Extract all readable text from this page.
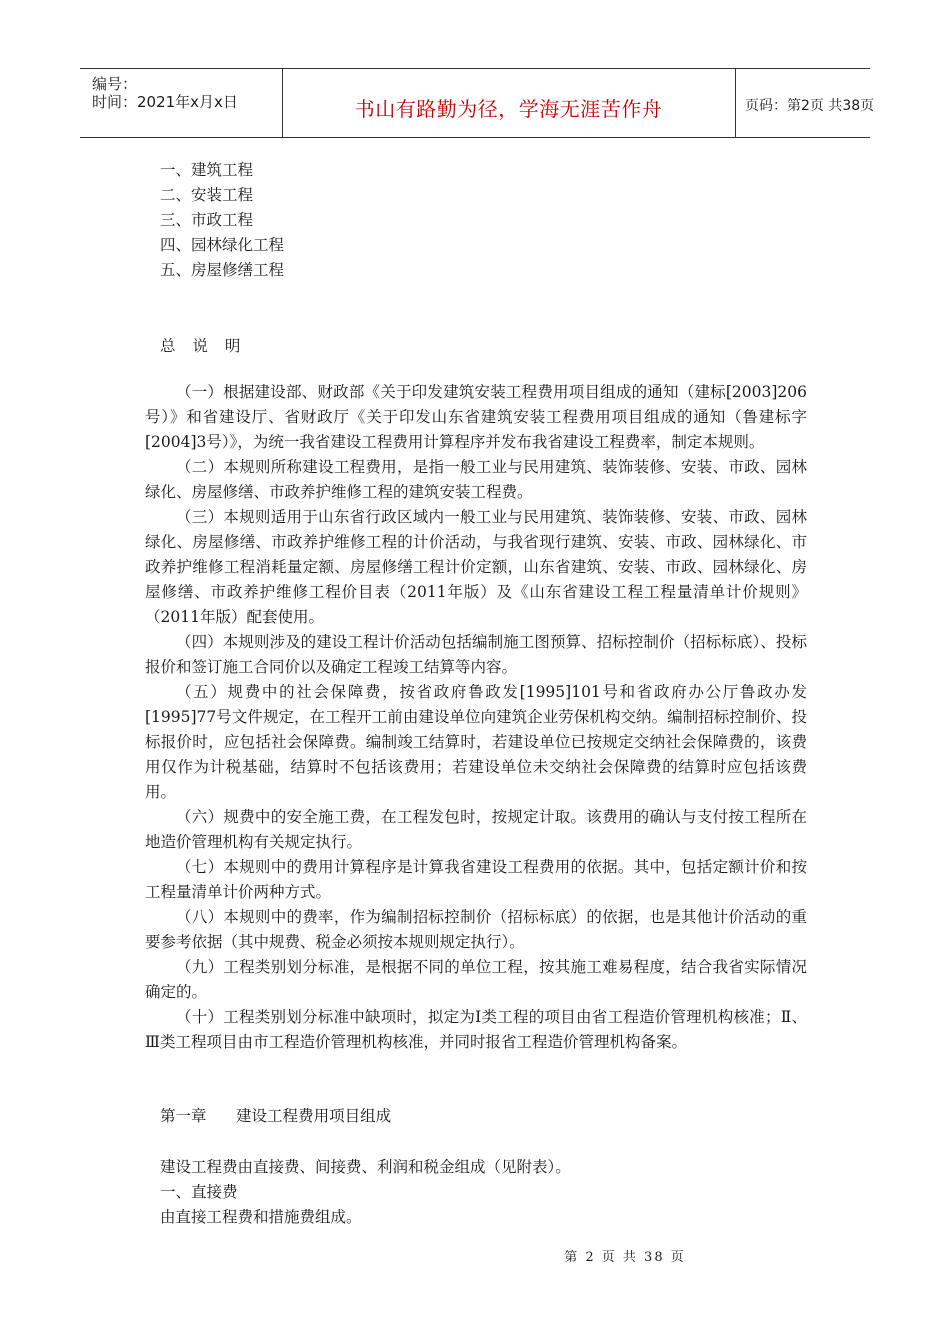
编号：
时间：2021年x月x日	书山有路勤为径，学海无涯苦作舟	页码：第2页 共38页
一、建筑工程
二、安装工程
三、市政工程
四、园林绿化工程
五、房屋修缮工程
总 说 明

（一）根据建设部、财政部《关于印发建筑安装工程费用项目组成的通知（建标[2003]206号）》和省建设厅、省财政厅《关于印发山东省建筑安装工程费用项目组成的通知（鲁建标字[2004]3号）》，为统一我省建设工程费用计算程序并发布我省建设工程费率，制定本规则。

（二）本规则所称建设工程费用，是指一般工业与民用建筑、装饰装修、安装、市政、园林绿化、房屋修缮、市政养护维修工程的建筑安装工程费。

（三）本规则适用于山东省行政区域内一般工业与民用建筑、装饰装修、安装、市政、园林绿化、房屋修缮、市政养护维修工程的计价活动，与我省现行建筑、安装、市政、园林绿化、市政养护维修工程消耗量定额、房屋修缮工程计价定额，山东省建筑、安装、市政、园林绿化、房屋修缮、市政养护维修工程价目表（2011年版）及《山东省建设工程工程量清单计价规则》（2011年版）配套使用。

（四）本规则涉及的建设工程计价活动包括编制施工图预算、招标控制价（招标标底）、投标报价和签订施工合同价以及确定工程竣工结算等内容。

（五）规费中的社会保障费，按省政府鲁政发[1995]101号和省政府办公厅鲁政办发[1995]77号文件规定，在工程开工前由建设单位向建筑企业劳保机构交纳。编制招标控制价、投标报价时，应包括社会保障费。编制竣工结算时，若建设单位已按规定交纳社会保障费的，该费用仅作为计税基础，结算时不包括该费用；若建设单位未交纳社会保障费的结算时应包括该费用。

（六）规费中的安全施工费，在工程发包时，按规定计取。该费用的确认与支付按工程所在地造价管理机构有关规定执行。

（七）本规则中的费用计算程序是计算我省建设工程费用的依据。其中，包括定额计价和按工程量清单计价两种方式。

（八）本规则中的费率，作为编制招标控制价（招标标底）的依据，也是其他计价活动的重要参考依据（其中规费、税金必须按本规则规定执行）。

（九）工程类别划分标准，是根据不同的单位工程，按其施工难易程度，结合我省实际情况确定的。

（十）工程类别划分标准中缺项时，拟定为Ⅰ类工程的项目由省工程造价管理机构核准；Ⅱ、Ⅲ类工程项目由市工程造价管理机构核准，并同时报省工程造价管理机构备案。

第一章      建设工程费用项目组成
建设工程费由直接费、间接费、利润和税金组成（见附表）。
一、直接费
由直接工程费和措施费组成。
第 2 页 共 38 页
